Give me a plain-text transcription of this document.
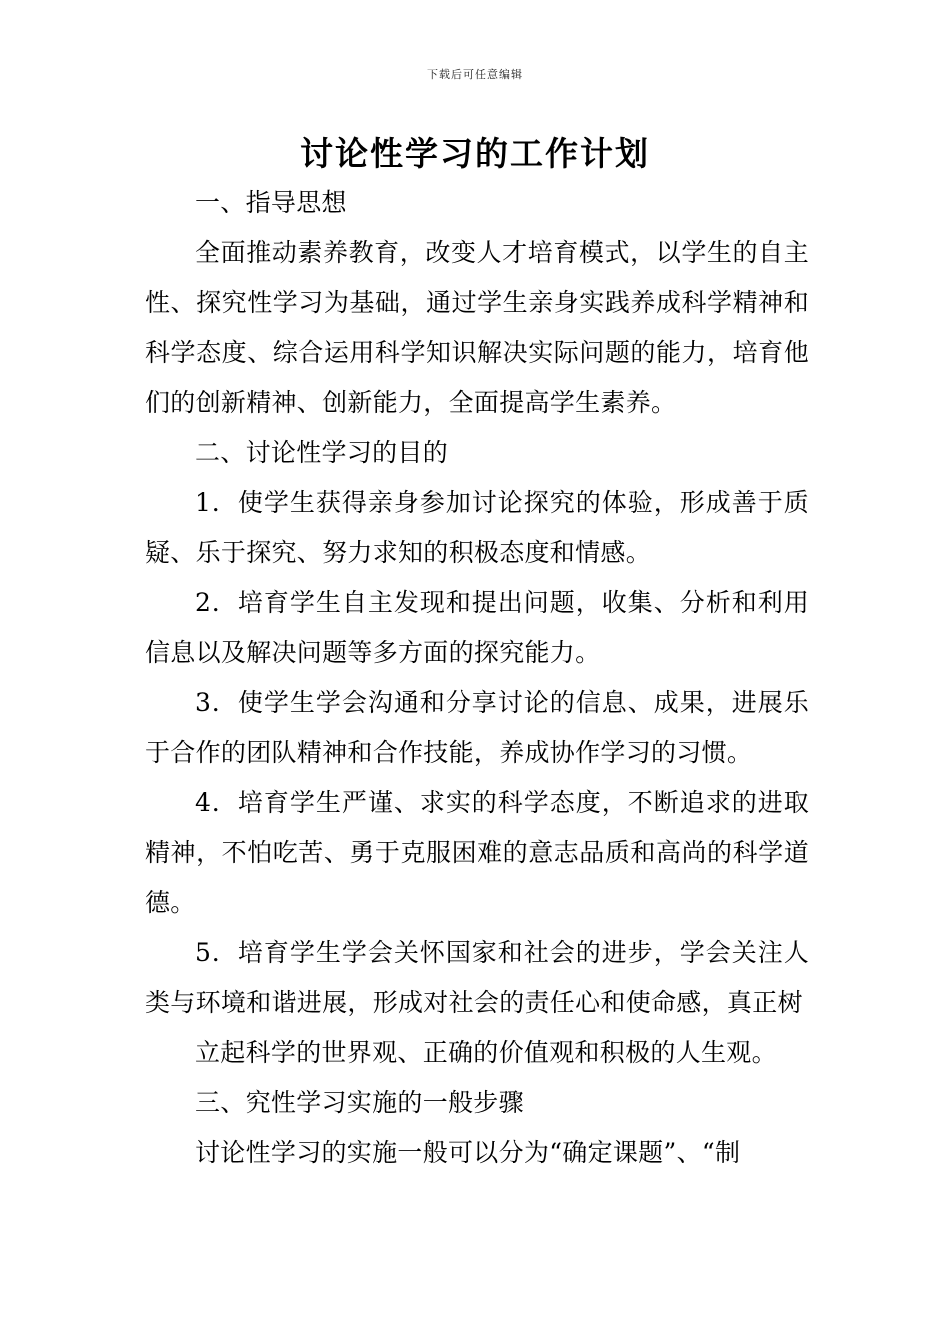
下载后可任意编辑
讨论性学习的工作计划

一、指导思想

全面推动素养教育，改变人才培育模式，以学生的自主性、探究性学习为基础，通过学生亲身实践养成科学精神和科学态度、综合运用科学知识解决实际问题的能力，培育他们的创新精神、创新能力，全面提高学生素养。

二、讨论性学习的目的

1．使学生获得亲身参加讨论探究的体验，形成善于质疑、乐于探究、努力求知的积极态度和情感。

2．培育学生自主发现和提出问题，收集、分析和利用信息以及解决问题等多方面的探究能力。

3．使学生学会沟通和分享讨论的信息、成果，进展乐于合作的团队精神和合作技能，养成协作学习的习惯。

4．培育学生严谨、求实的科学态度，不断追求的进取精神，不怕吃苦、勇于克服困难的意志品质和高尚的科学道德。

5．培育学生学会关怀国家和社会的进步，学会关注人类与环境和谐进展，形成对社会的责任心和使命感，真正树

立起科学的世界观、正确的价值观和积极的人生观。

三、究性学习实施的一般步骤

讨论性学习的实施一般可以分为“确定课题”、“制
